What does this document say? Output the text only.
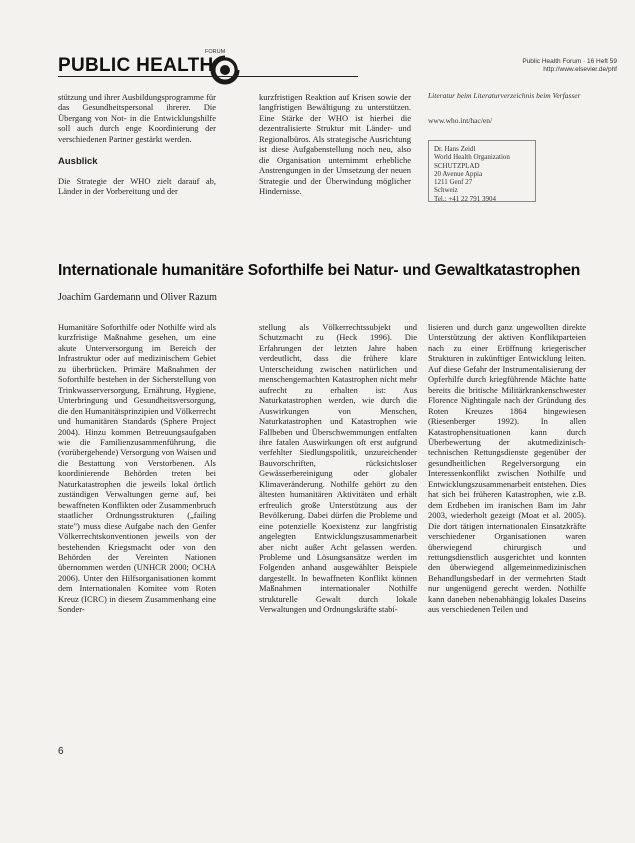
PUBLIC HEALTH
FORUM
Public Health Forum · 16 Heft 59
http://www.elsevier.de/phf

stützung und ihrer Ausbildungsprogramme für das Gesundheitspersonal ihrerer. Die Übergang von Not- in die Entwicklungshilfe soll auch durch enge Koordinierung der verschiedenen Partner gestärkt werden.

Ausblick

Die Strategie der WHO zielt darauf ab, Länder in der Vorbereitung und der

kurzfristigen Reaktion auf Krisen sowie der langfristigen Bewältigung zu unterstützen. Eine Stärke der WHO ist hierbei die dezentralisierte Struktur mit Länder- und Regionalbüros. Als strategische Ausrichtung ist diese Aufgabenstellung noch neu, also die Organisation unternimmt erhebliche Anstrengungen in der Umsetzung der neuen Strategie und der Überwindung möglicher Hindernisse.

Literatur beim Literaturverzeichnis beim Verfasser
www.who.int/hac/en/
Dr. Hans Zeidl
World Health Organization
SCHUTZPLAD
20 Avenue Appia
1211 Genf 27
Schweiz
Tel.: +41 22 791 3904
Internationale humanitäre Soforthilfe bei Natur- und Gewaltkatastrophen
Joachim Gardemann und Oliver Razum

Humanitäre Soforthilfe oder Nothilfe wird als kurzfristige Maßnahme gesehen, um eine akute Unterversorgung im Bereich der Infrastruktur oder auf medizinischem Gebiet zu überbrücken. Primäre Maßnahmen der Soforthilfe bestehen in der Sicherstellung von Trinkwasserversorgung, Ernährung, Hygiene, Unterbringung und Gesundheitsversorgung, die den Humanitätsprinzipien und Völkerrecht und humanitären Standards (Sphere Project 2004). Hinzu kommen Betreuungsaufgaben wie die Familienzusammenführung, die (vorübergehende) Versorgung von Waisen und die Bestattung von Verstorbenen. Als koordinierende Behörden treten bei Naturkatastrophen die jeweils lokal örtlich zuständigen Verwaltungen gerne auf, bei bewaffneten Konflikten oder Zusammenbruch staatlicher Ordnungsstrukturen („failing state") muss diese Aufgabe nach den Genfer Völkerrechtskonventionen jeweils von der bestehenden Kriegsmacht oder von den Behörden der Vereinten Nationen übernommen werden (UNHCR 2000; OCHA 2006). Unter den Hilfsorganisationen kommt dem Internationalen Komitee vom Roten Kreuz (ICRC) in diesem Zusammenhang eine Sonder-

stellung als Völkerrechtssubjekt und Schutzmacht zu (Heck 1996). Die Erfahrungen der letzten Jahre haben verdeutlicht, dass die frühere klare Unterscheidung zwischen natürlichen und menschengemachten Katastrophen nicht mehr aufrecht zu erhalten ist: Aus Naturkatastrophen werden, wie durch die Auswirkungen von Menschen, Naturkatastrophen und Katastrophen wie Fallbeben und Überschwemmungen entfalten ihre fatalen Auswirkungen oft erst aufgrund verfehlter Siedlungspolitik, unzureichender Bauvorschriften, rücksichtsloser Gewässerbereinigung oder globaler Klimaveränderung. Nothilfe gehört zu den ältesten humanitären Aktivitäten und erhält erfreulich große Unterstützung aus der Bevölkerung. Dabei dürfen die Probleme und eine potenzielle Koexistenz zur langfristig angelegten Entwicklungszusammenarbeit aber nicht außer Acht gelassen werden. Probleme und Lösungsansätze werden im Folgenden anhand ausgewählter Beispiele dargestellt. In bewaffneten Konflikt können Maßnahmen internationaler Nothilfe strukturelle Gewalt durch lokale Verwaltungen und Ordnungskräfte stabi-

lisieren und durch ganz ungewollten direkte Unterstützung der aktiven Konfliktparteien nach zu einer Eröffnung kriegerischer Strukturen in zukünftiger Entwicklung leiten. Auf diese Gefahr der Instrumentalisierung der Opferhilfe durch kriegführende Mächte hatte bereits die britische Militärkrankenschwester Florence Nightingale nach der Gründung des Roten Kreuzes 1864 hingewiesen (Riesenberger 1992). In allen Katastrophensituationen kann durch Überbewertung der akutmedizinisch-technischen Rettungsdienste gegenüber der gesundheitlichen Regelversorgung ein Interessenkonflikt zwischen Nothilfe und Entwicklungszusammenarbeit entstehen. Dies hat sich bei früheren Katastrophen, wie z.B. dem Erdbeben im iranischen Bam im Jahr 2003, wiederholt gezeigt (Moat et al. 2005). Die dort tätigen internationalen Einsatzkräfte verschiedener Organisationen waren überwiegend chirurgisch und rettungsdienstlich ausgerichtet und konnten den überwiegend allgemeinmedizinischen Behandlungsbedarf in der vermehrten Stadt nur ungenügend gerecht werden. Nothilfe kann daneben nebenabhängig lokales Daseins aus verschiedenen Teilen und

6
